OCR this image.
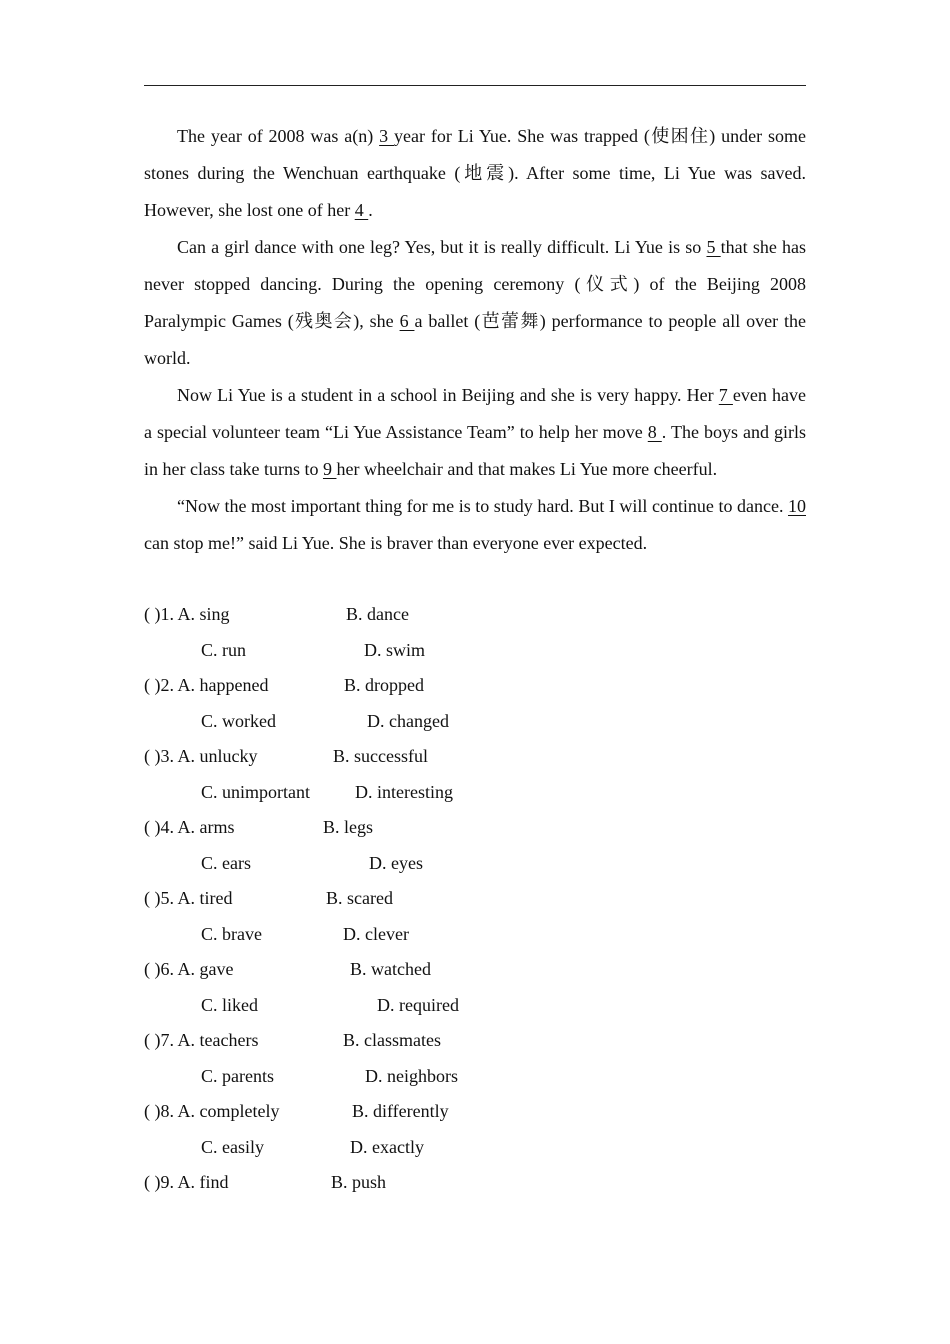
The year of 2008 was a(n) 3 year for Li Yue. She was trapped (使困住) under some stones during the Wenchuan earthquake (地震). After some time, Li Yue was saved. However, she lost one of her 4 .

Can a girl dance with one leg? Yes, but it is really difficult. Li Yue is so 5 that she has never stopped dancing. During the opening ceremony (仪式) of the Beijing 2008 Paralympic Games (残奥会), she 6 a ballet (芭蕾舞) performance to people all over the world.

Now Li Yue is a student in a school in Beijing and she is very happy. Her 7 even have a special volunteer team “Li Yue Assistance Team” to help her move 8 . The boys and girls in her class take turns to 9 her wheelchair and that makes Li Yue more cheerful.

“Now the most important thing for me is to study hard. But I will continue to dance. 10 can stop me!” said Li Yue. She is braver than everyone ever expected.

( )1. A. sing	B. dance
C. run	D. swim
( )2. A. happened	B. dropped
C. worked	D. changed
( )3. A. unlucky	B. successful
C. unimportant	D. interesting
( )4. A. arms	B. legs
C. ears	D. eyes
( )5. A. tired	B. scared
C. brave	D. clever
( )6. A. gave	B. watched
C. liked	D. required
( )7. A. teachers	B. classmates
C. parents	D. neighbors
( )8. A. completely	B. differently
C. easily	D. exactly
( )9. A. find	B. push
